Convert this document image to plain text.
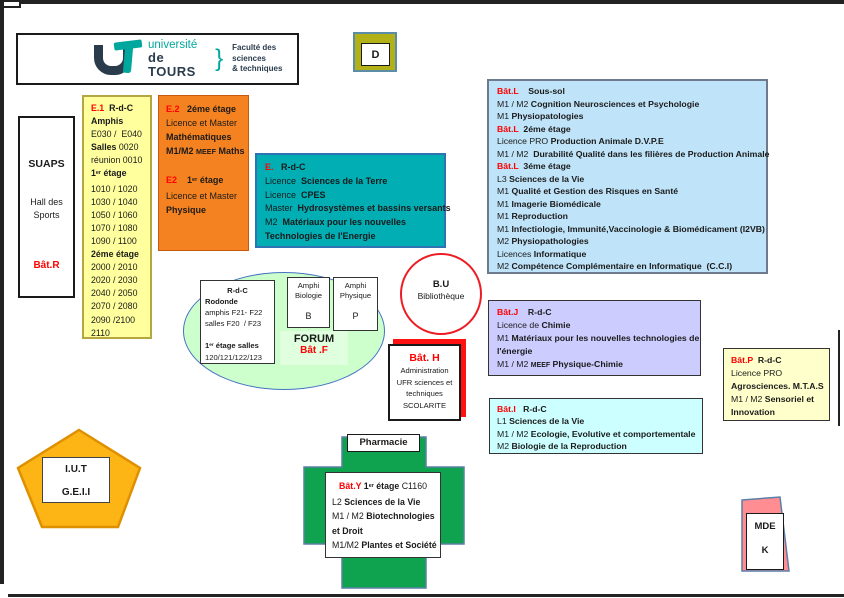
université
de TOURS } Faculté des sciences
& techniques
D
SUAPS
Hall des
Sports
Bât.R
E.1  R-d-C
Amphis
E030 /  E040
Salles 0020
réunion 0010
1er étage
1010 / 1020
1030 / 1040
1050 / 1060
1070 / 1080
1090 / 1100
2éme étage
2000 / 2010
2020 / 2030
2040 / 2050
2070 / 2080
2090 /2100
2110
E.2   2éme étage
Licence et Master
Mathématiques
M1/M2 MEEF Maths

E2    1er étage
Licence et Master
Physique
E.   R-d-C
Licence  Sciences de la Terre
Licence  CPES
Master  Hydrosystèmes et bassins versants
M2  Matériaux pour les nouvelles
Technologies de l'Energie
R-d-C
Rodonde
amphis F21- F22
salles F20  / F23

1er étage salles
120/121/122/123
FORUM
Bât .F
Amphi
Biologie
B
Amphi
Physique
P
B.U
Bibliothèque
Bât.L    Sous-sol
M1 / M2 Cognition Neurosciences et Psychologie
M1 Physiopatologies
Bât.L  2éme étage
Licence PRO Production Animale D.V.P.E
M1 / M2  Durabilité Qualité dans les filières de Production Animale
Bât.L  3éme étage
L3 Sciences de la Vie
M1 Qualité et Gestion des Risques en Santé
M1 Imagerie Biomédicale
M1 Reproduction
M1 Infectiologie, Immunité,Vaccinologie & Biomédicament (I2VB)
M2 Physiopathologies
Licences Informatique
M2 Compétence Complémentaire en Informatique  (C.C.I)
Bât.J    R-d-C
Licence de Chimie
M1 Matériaux pour les nouvelles technologies de
l'énergie
M1 / M2 MEEF Physique-Chimie
Bât. H
Administration
UFR sciences et
techniques
SCOLARITE
Bât.P  R-d-C
Licence PRO
Agrosciences. M.T.A.S
M1 / M2 Sensoriel et
Innovation
Bât.I   R-d-C
L1 Sciences de la Vie
M1 / M2 Ecologie, Evolutive et comportementale
M2 Biologie de la Reproduction
Pharmacie
Bât.Y 1er étage C1160
L2 Sciences de la Vie
M1 / M2 Biotechnologies
et Droit
M1/M2 Plantes et Société
I.U.T
G.E.I.I
MDE
K
